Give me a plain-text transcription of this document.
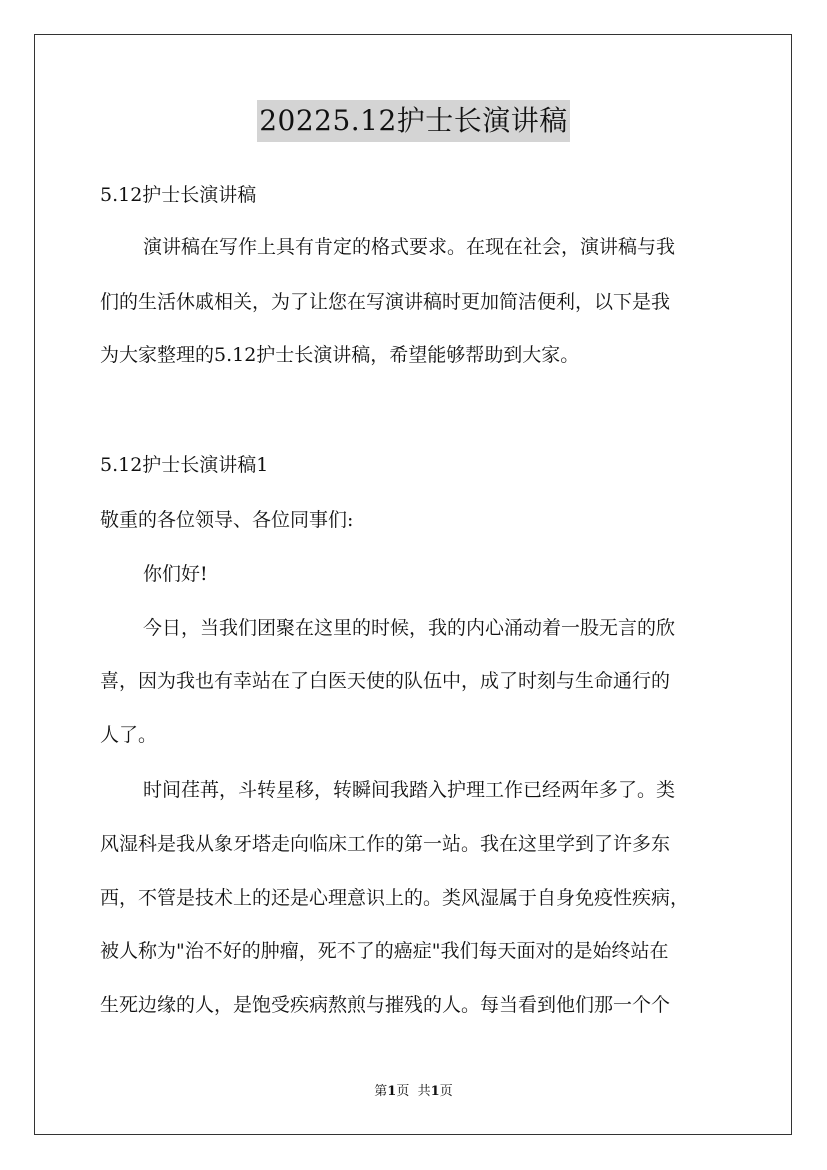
20225.12护士长演讲稿
5.12护士长演讲稿
演讲稿在写作上具有肯定的格式要求。在现在社会，演讲稿与我
们的生活休戚相关，为了让您在写演讲稿时更加简洁便利，以下是我
为大家整理的5.12护士长演讲稿，希望能够帮助到大家。
5.12护士长演讲稿1
敬重的各位领导、各位同事们:
你们好!
今日，当我们团聚在这里的时候，我的内心涌动着一股无言的欣
喜，因为我也有幸站在了白医天使的队伍中，成了时刻与生命通行的
人了。
时间荏苒，斗转星移，转瞬间我踏入护理工作已经两年多了。类
风湿科是我从象牙塔走向临床工作的第一站。我在这里学到了许多东
西，不管是技术上的还是心理意识上的。类风湿属于自身免疫性疾病，
被人称为"治不好的肿瘤，死不了的癌症"我们每天面对的是始终站在
生死边缘的人，是饱受疾病熬煎与摧残的人。每当看到他们那一个个
第1页 共1页
